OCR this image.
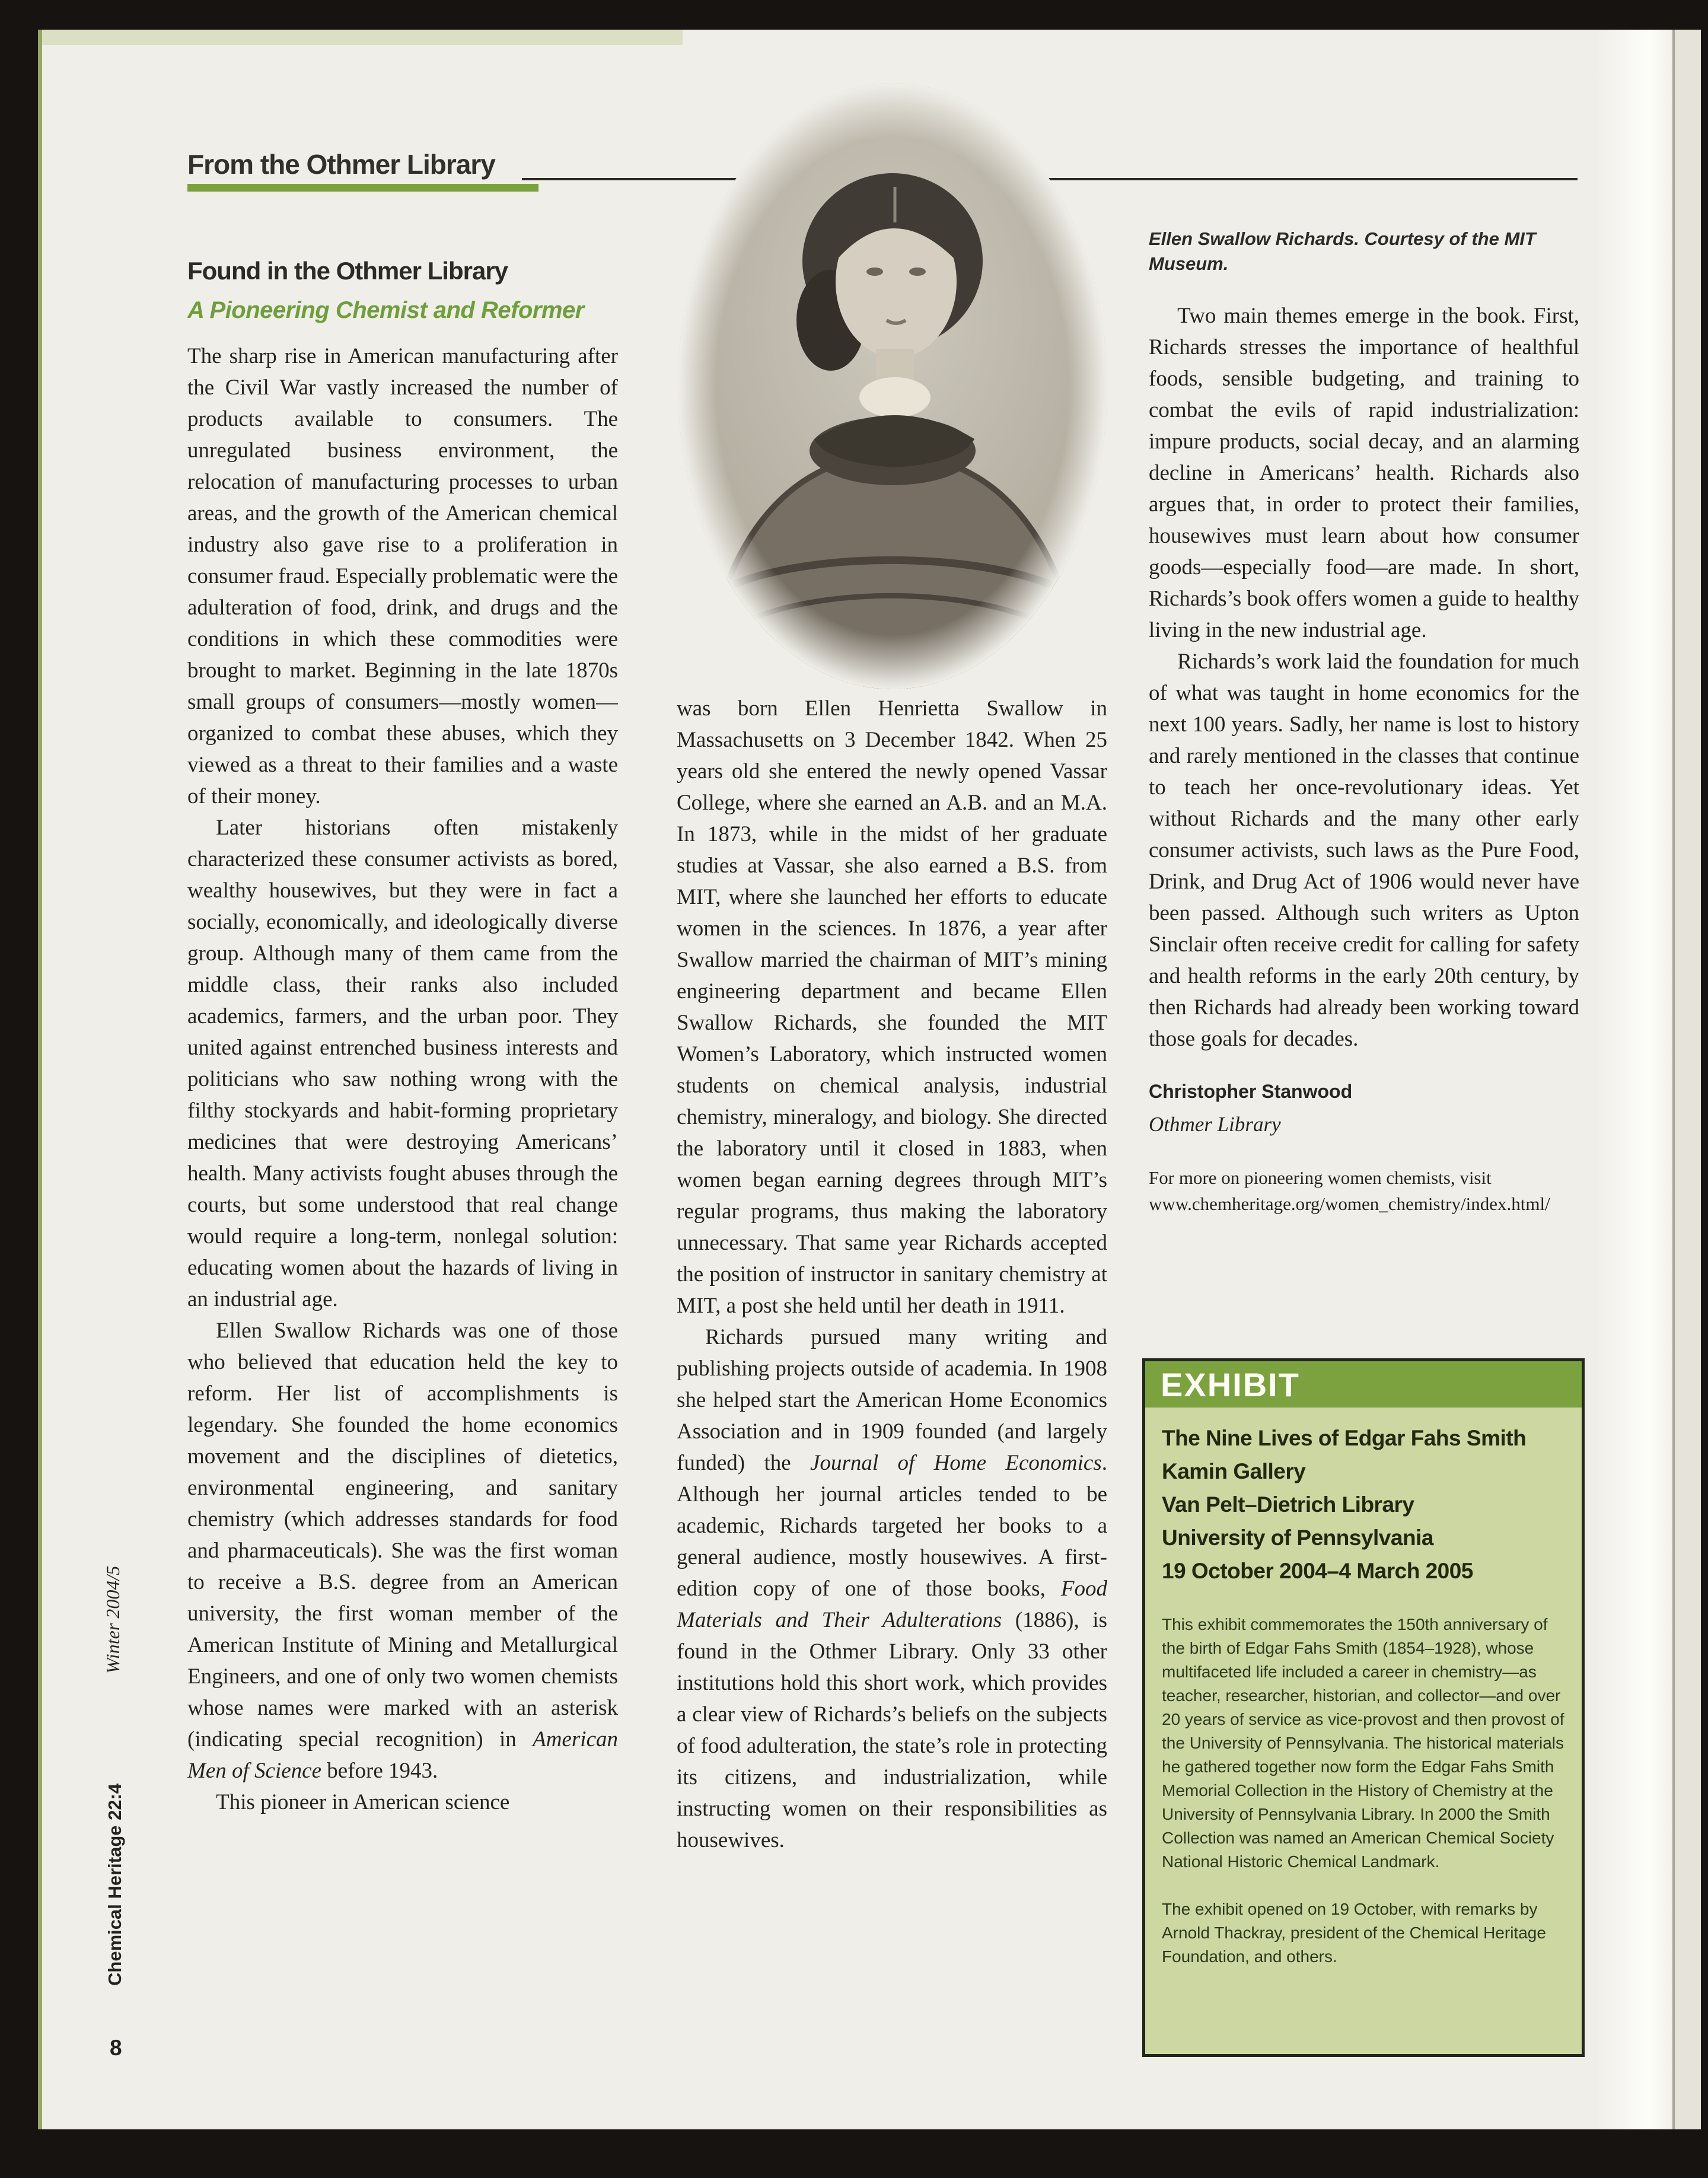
From the Othmer Library
Found in the Othmer Library
A Pioneering Chemist and Reformer

The sharp rise in American manufacturing after the Civil War vastly increased the number of products available to consumers. The unregulated business environment, the relocation of manufacturing processes to urban areas, and the growth of the American chemical industry also gave rise to a proliferation in consumer fraud. Especially problematic were the adulteration of food, drink, and drugs and the conditions in which these commodities were brought to market. Beginning in the late 1870s small groups of consumers—mostly women—organized to combat these abuses, which they viewed as a threat to their families and a waste of their money.

Later historians often mistakenly characterized these consumer activists as bored, wealthy housewives, but they were in fact a socially, economically, and ideologically diverse group. Although many of them came from the middle class, their ranks also included academics, farmers, and the urban poor. They united against entrenched business interests and politicians who saw nothing wrong with the filthy stockyards and habit-forming proprietary medicines that were destroying Americans’ health. Many activists fought abuses through the courts, but some understood that real change would require a long-term, nonlegal solution: educating women about the hazards of living in an industrial age.

Ellen Swallow Richards was one of those who believed that education held the key to reform. Her list of accomplishments is legendary. She founded the home economics movement and the disciplines of dietetics, environmental engineering, and sanitary chemistry (which addresses standards for food and pharmaceuticals). She was the first woman to receive a B.S. degree from an American university, the first woman member of the American Institute of Mining and Metallurgical Engineers, and one of only two women chemists whose names were marked with an asterisk (indicating special recognition) in American Men of Science before 1943.

This pioneer in American science

was born Ellen Henrietta Swallow in Massachusetts on 3 December 1842. When 25 years old she entered the newly opened Vassar College, where she earned an A.B. and an M.A. In 1873, while in the midst of her graduate studies at Vassar, she also earned a B.S. from MIT, where she launched her efforts to educate women in the sciences. In 1876, a year after Swallow married the chairman of MIT’s mining engineering department and became Ellen Swallow Richards, she founded the MIT Women’s Laboratory, which instructed women students on chemical analysis, industrial chemistry, mineralogy, and biology. She directed the laboratory until it closed in 1883, when women began earning degrees through MIT’s regular programs, thus making the laboratory unnecessary. That same year Richards accepted the position of instructor in sanitary chemistry at MIT, a post she held until her death in 1911.

Richards pursued many writing and publishing projects outside of academia. In 1908 she helped start the American Home Economics Association and in 1909 founded (and largely funded) the Journal of Home Economics. Although her journal articles tended to be academic, Richards targeted her books to a general audience, mostly housewives. A first-edition copy of one of those books, Food Materials and Their Adulterations (1886), is found in the Othmer Library. Only 33 other institutions hold this short work, which provides a clear view of Richards’s beliefs on the subjects of food adulteration, the state’s role in protecting its citizens, and industrialization, while instructing women on their responsibilities as housewives.

Ellen Swallow Richards. Courtesy of the MIT Museum.

Two main themes emerge in the book. First, Richards stresses the importance of healthful foods, sensible budgeting, and training to combat the evils of rapid industrialization: impure products, social decay, and an alarming decline in Americans’ health. Richards also argues that, in order to protect their families, housewives must learn about how consumer goods—especially food—are made. In short, Richards’s book offers women a guide to healthy living in the new industrial age.

Richards’s work laid the foundation for much of what was taught in home economics for the next 100 years. Sadly, her name is lost to history and rarely mentioned in the classes that continue to teach her once-revolutionary ideas. Yet without Richards and the many other early consumer activists, such laws as the Pure Food, Drink, and Drug Act of 1906 would never have been passed. Although such writers as Upton Sinclair often receive credit for calling for safety and health reforms in the early 20th century, by then Richards had already been working toward those goals for decades.

Christopher Stanwood
Othmer Library
For more on pioneering women chemists, visit www.chemheritage.org/women_chemistry/index.html/
EXHIBIT
The Nine Lives of Edgar Fahs Smith
Kamin Gallery
Van Pelt–Dietrich Library
University of Pennsylvania
19 October 2004–4 March 2005

This exhibit commemorates the 150th anniversary of the birth of Edgar Fahs Smith (1854–1928), whose multifaceted life included a career in chemistry—as teacher, researcher, historian, and collector—and over 20 years of service as vice-provost and then provost of the University of Pennsylvania. The historical materials he gathered together now form the Edgar Fahs Smith Memorial Collection in the History of Chemistry at the University of Pennsylvania Library. In 2000 the Smith Collection was named an American Chemical Society National Historic Chemical Landmark.

The exhibit opened on 19 October, with remarks by Arnold Thackray, president of the Chemical Heritage Foundation, and others.

Winter 2004/5
Chemical Heritage 22:4
8
